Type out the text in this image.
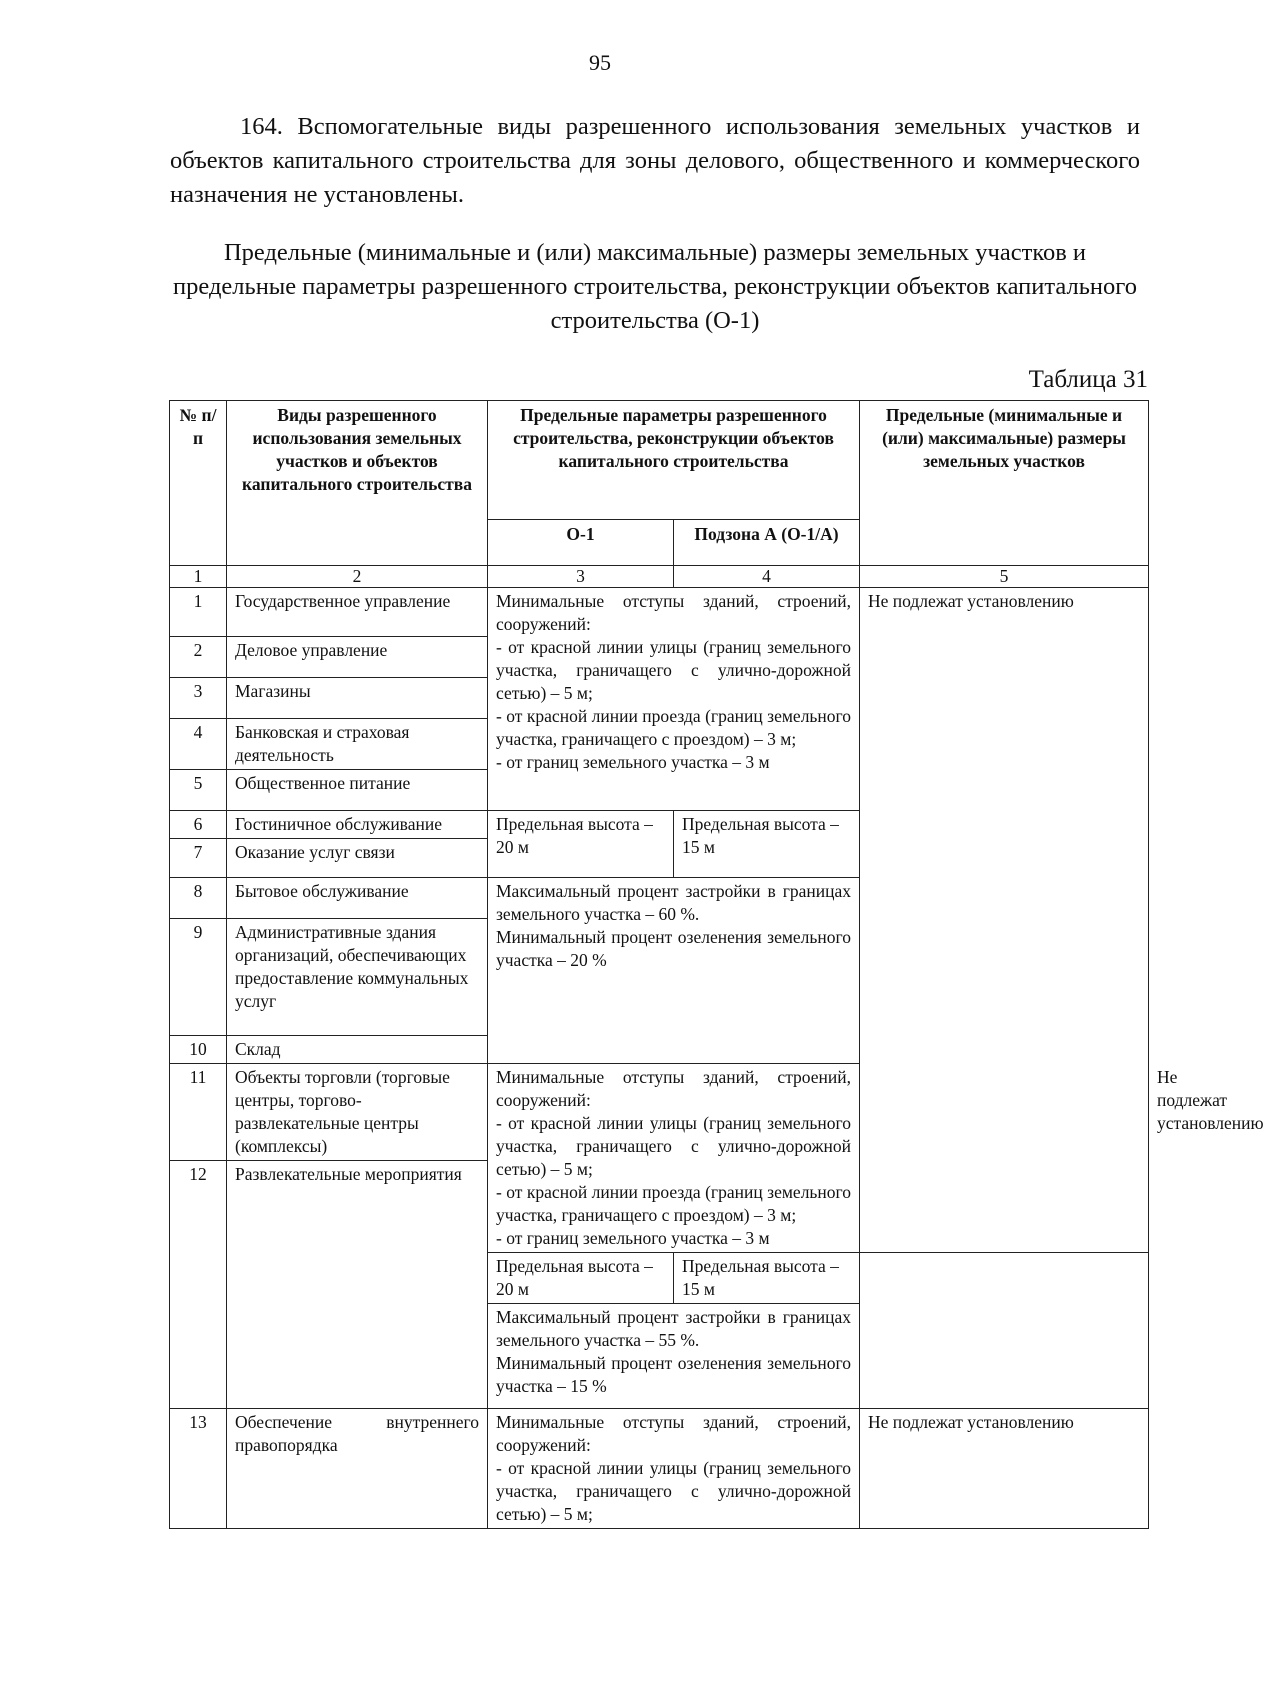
95
164. Вспомогательные виды разрешенного использования земельных участков и объектов капитального строительства для зоны делового, общественного и коммерческого назначения не установлены.
Предельные (минимальные и (или) максимальные) размеры земельных участков и предельные параметры разрешенного строительства, реконструкции объектов капитального строительства (О-1)
Таблица 31
№ п/п	Виды разрешенного использования земельных участков и объектов капитального строительства	Предельные параметры разрешенного строительства, реконструкции объектов капитального строительства		Предельные (минимальные и (или) максимальные) размеры земельных участков	
		О-1	Подзона А (О-1/А)		
1	2	3	4	5	
1	Государственное управление	Минимальные отступы зданий, строений, сооружений:
- от красной линии улицы (границ земельного участка, граничащего с улично-дорожной сетью) – 5 м;
- от красной линии проезда (границ земельного участка, граничащего с проездом) – 3 м;
- от границ земельного участка – 3 м		Не подлежат установлению	
2	Деловое управление				
3	Магазины				
4	Банковская и страховая деятельность				
5	Общественное питание				
6	Гостиничное обслуживание				
		Предельная высота – 20 м	Предельная высота – 15 м		
7	Оказание услуг связи				
8	Бытовое обслуживание	Максимальный процент застройки в границах земельного участка – 60 %.
Минимальный процент озеленения земельного участка – 20 %			
9	Административные здания организаций, обеспечивающих предоставление коммунальных услуг				
10	Склад				
11	Объекты торговли (торговые центры, торгово-развлекательные центры (комплексы)	Минимальные отступы зданий, строений, сооружений:
- от красной линии улицы (границ земельного участка, граничащего с улично-дорожной сетью) – 5 м;
- от красной линии проезда (границ земельного участка, граничащего с проездом) – 3 м;
- от границ земельного участка – 3 м			Не подлежат установлению
12	Развлекательные мероприятия				
		Предельная высота – 20 м	Предельная высота – 15 м		
		Максимальный процент застройки в границах земельного участка – 55 %.
Минимальный процент озеленения земельного участка – 15 %			
13	Обеспечение внутреннего правопорядка	Минимальные отступы зданий, строений, сооружений:
- от красной линии улицы (границ земельного участка, граничащего с улично-дорожной сетью) – 5 м;		Не подлежат установлению	
